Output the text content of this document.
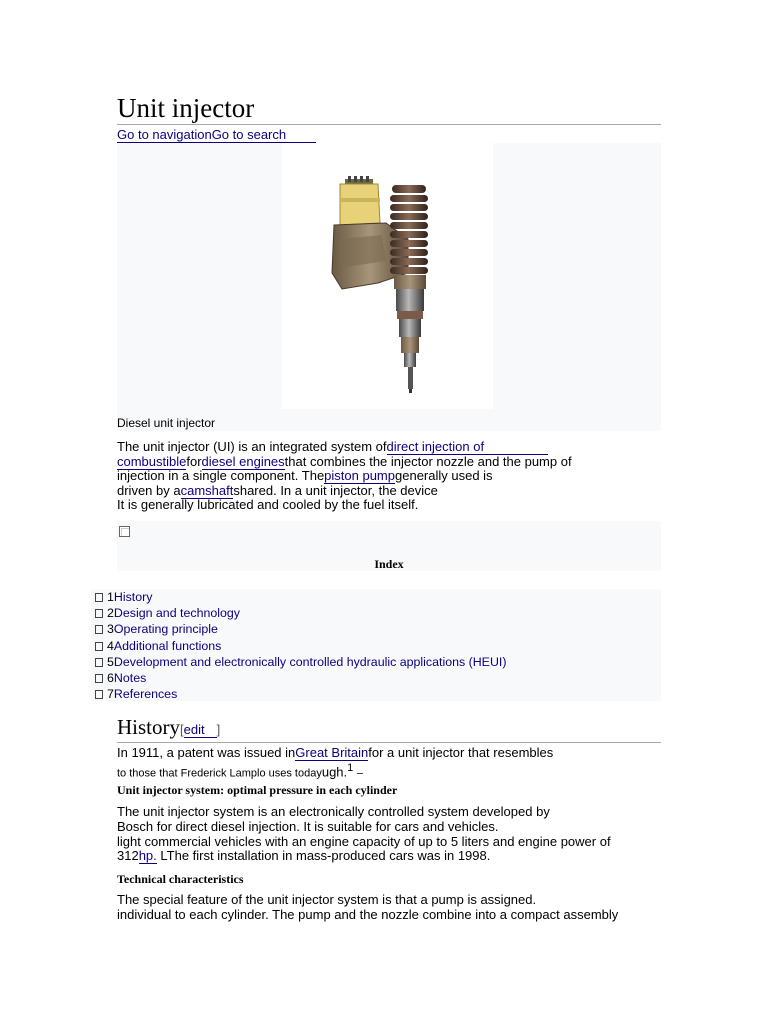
Unit injector
Go to navigationGo to search
Diesel unit injector

The unit injector (UI) is an integrated system ofdirect injection of

combustiblefordiesel enginesthat combines the injector nozzle and the pump of

injection in a single component. Thepiston pumpgenerally used is

driven by acamshaftshared. In a unit injector, the device

It is generally lubricated and cooled by the fuel itself.

Index
1History
2Design and technology
3Operating principle
4Additional functions
5Development and electronically controlled hydraulic applications (HEUI)
6Notes
7References
History[edit ]

In 1911, a patent was issued inGreat Britainfor a unit injector that resembles

to those that Frederick Lamplo uses todayugh.$^1$ –

Unit injector system: optimal pressure in each cylinder

The unit injector system is an electronically controlled system developed by

Bosch for direct diesel injection. It is suitable for cars and vehicles.

light commercial vehicles with an engine capacity of up to 5 liters and engine power of

312hp. LThe first installation in mass-produced cars was in 1998.

Technical characteristics

The special feature of the unit injector system is that a pump is assigned.

individual to each cylinder. The pump and the nozzle combine into a compact assembly
